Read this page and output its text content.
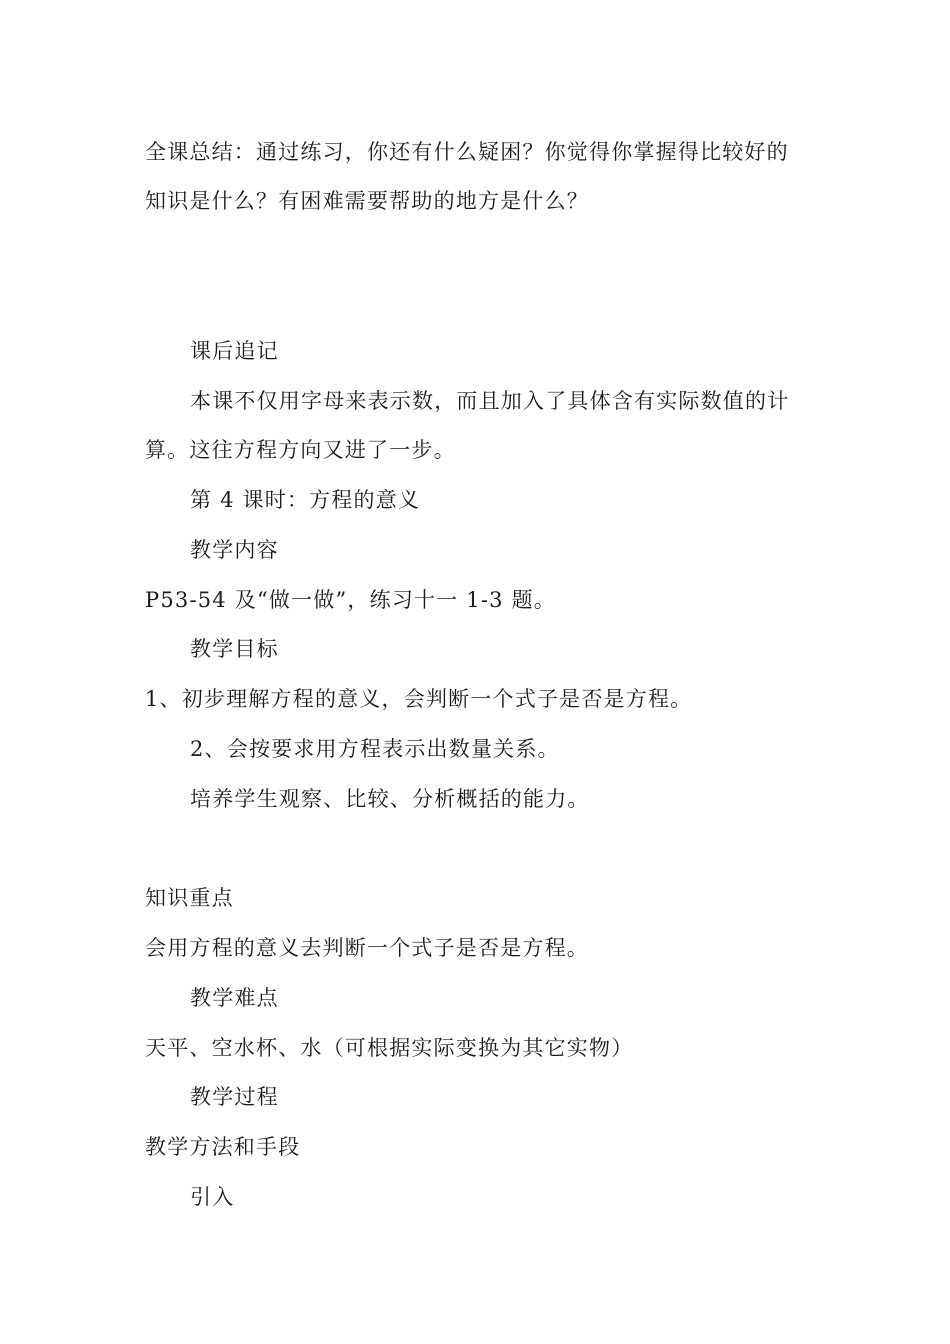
全课总结：通过练习，你还有什么疑困？你觉得你掌握得比较好的
知识是什么？有困难需要帮助的地方是什么？
课后追记
本课不仅用字母来表示数，而且加入了具体含有实际数值的计
算。这往方程方向又进了一步。
第 4 课时：方程的意义
教学内容
P53-54 及“做一做”，练习十一 1-3 题。
教学目标
1、初步理解方程的意义，会判断一个式子是否是方程。
2、会按要求用方程表示出数量关系。
培养学生观察、比较、分析概括的能力。
知识重点
会用方程的意义去判断一个式子是否是方程。
教学难点
天平、空水杯、水（可根据实际变换为其它实物）
教学过程
教学方法和手段
引入
